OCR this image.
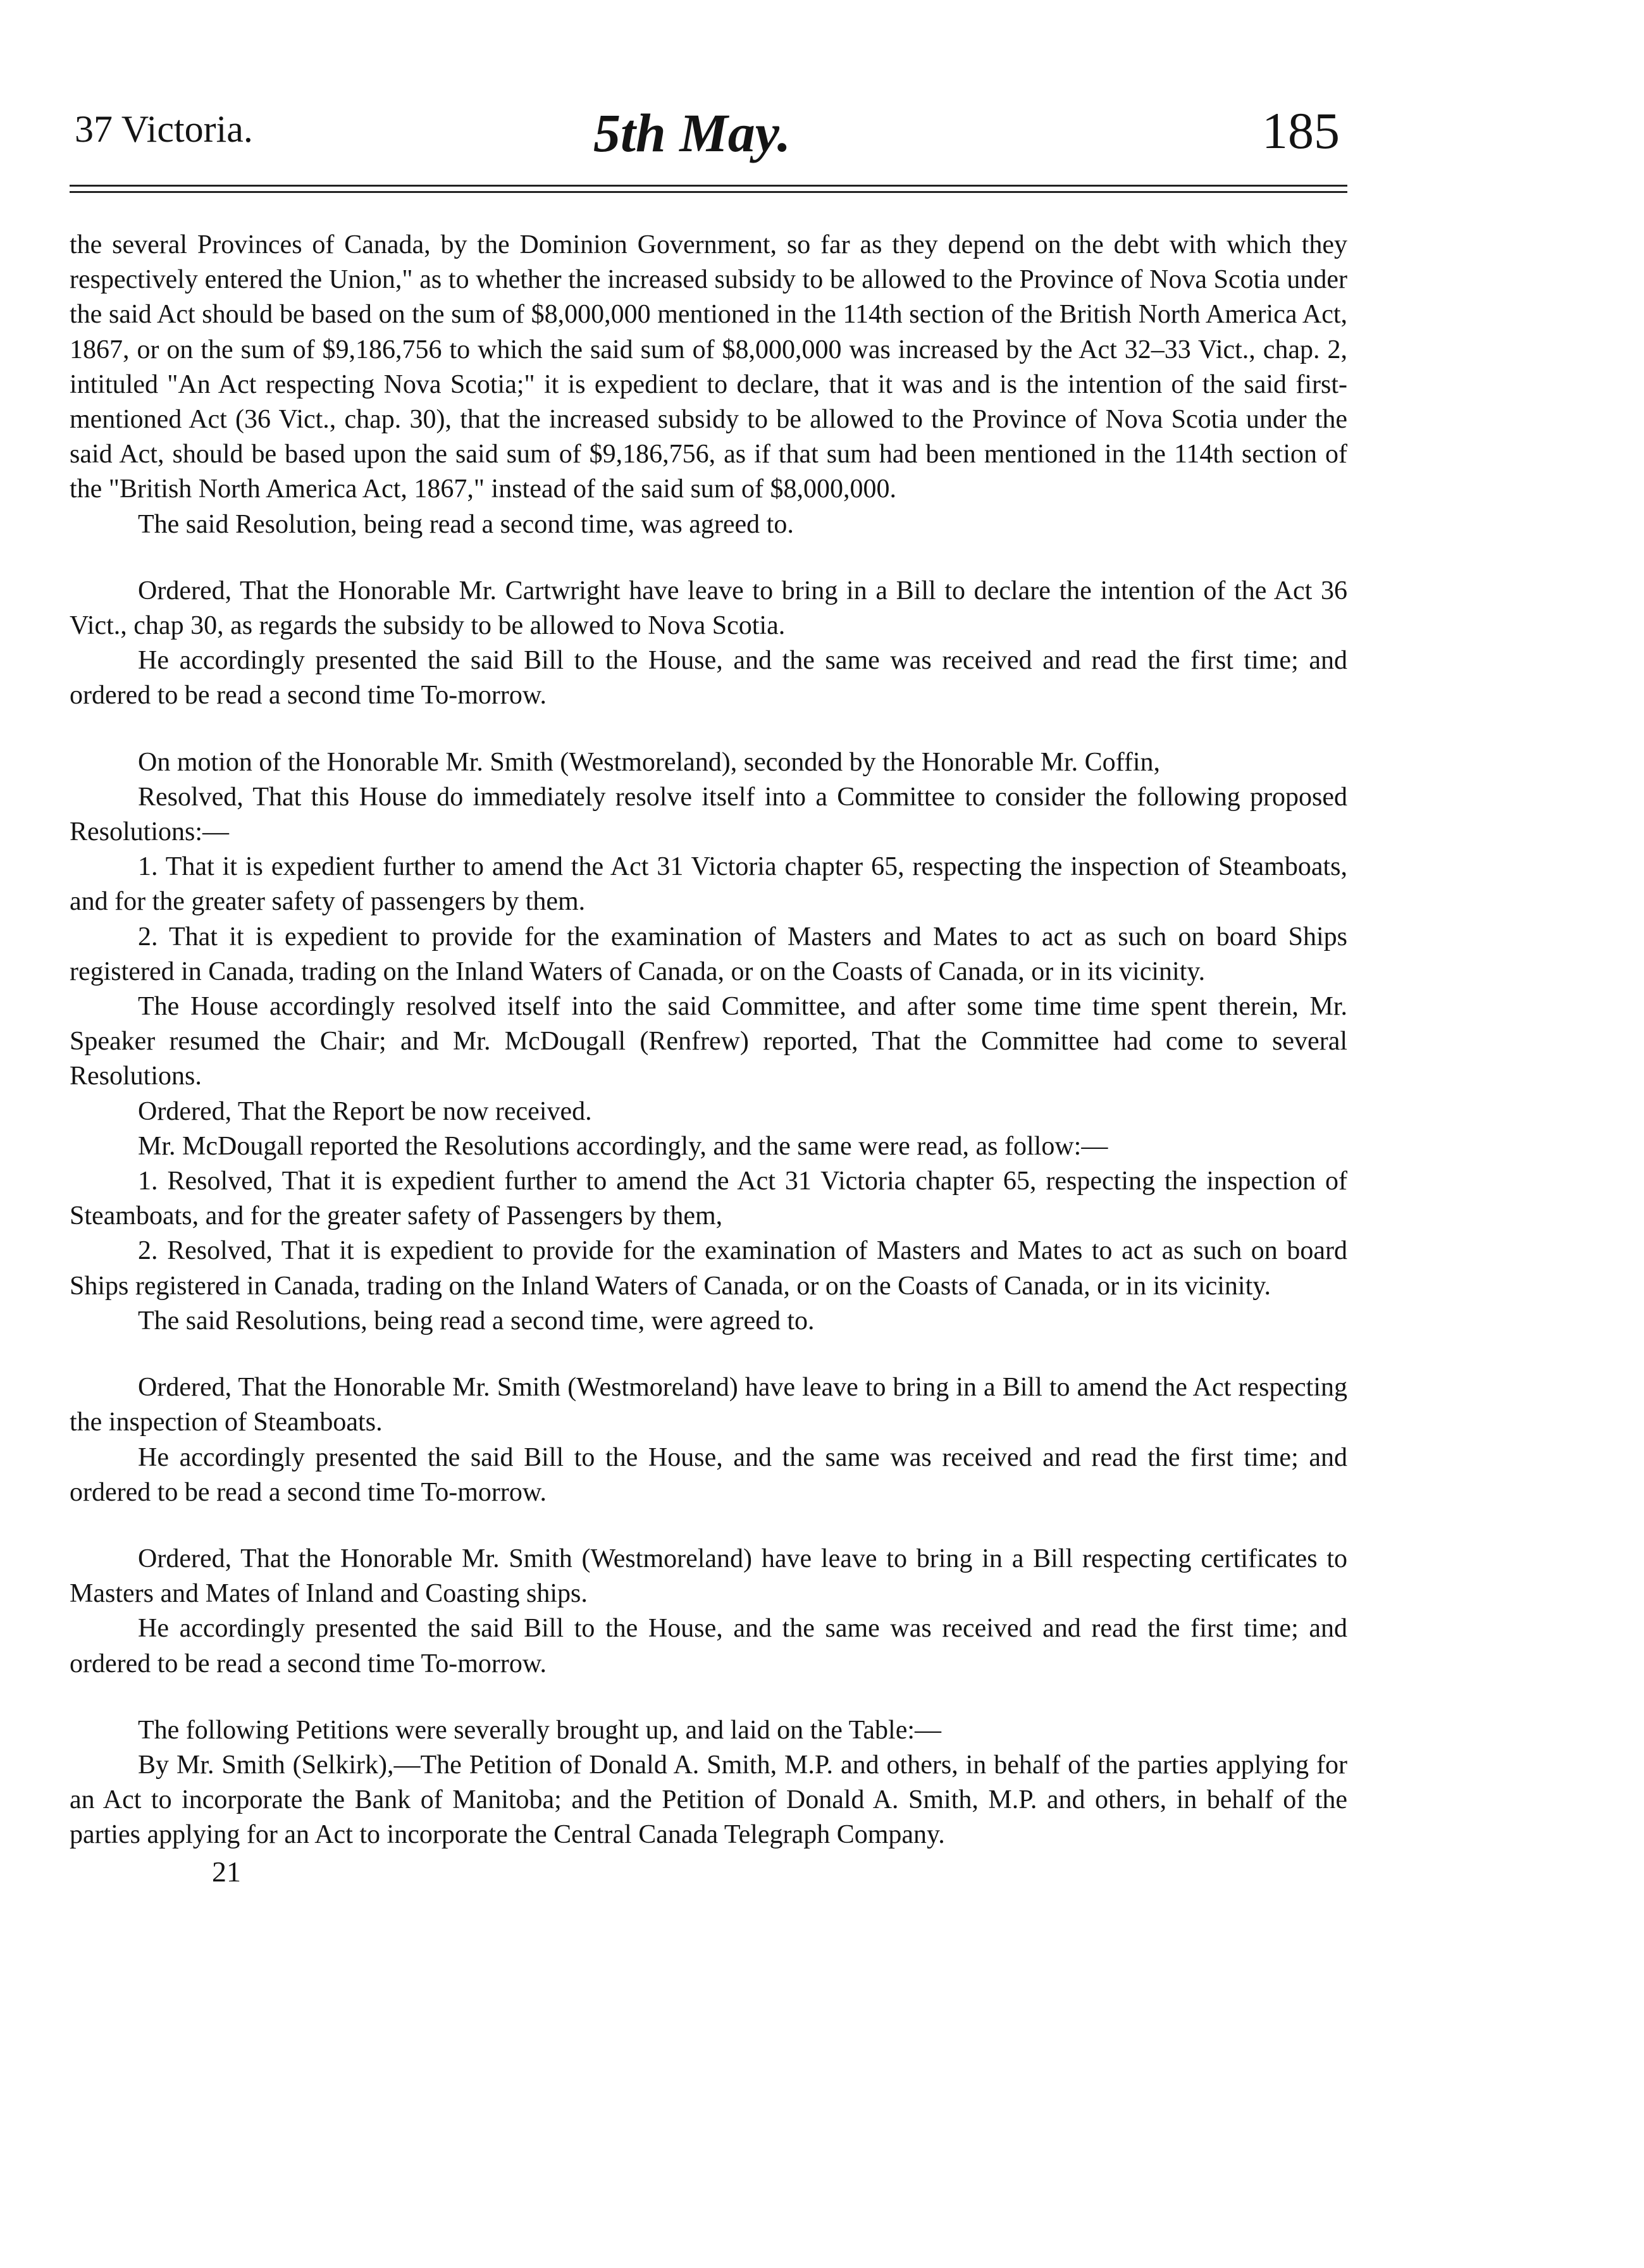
37 Victoria.	5th May.	185

the several Provinces of Canada, by the Dominion Government, so far as they depend on the debt with which they respectively entered the Union," as to whether the increased subsidy to be allowed to the Province of Nova Scotia under the said Act should be based on the sum of $8,000,000 mentioned in the 114th section of the British North America Act, 1867, or on the sum of $9,186,756 to which the said sum of $8,000,000 was increased by the Act 32–33 Vict., chap. 2, intituled "An Act respecting Nova Scotia;" it is expedient to declare, that it was and is the intention of the said first-mentioned Act (36 Vict., chap. 30), that the increased subsidy to be allowed to the Province of Nova Scotia under the said Act, should be based upon the said sum of $9,186,756, as if that sum had been mentioned in the 114th section of the "British North America Act, 1867," instead of the said sum of $8,000,000.

The said Resolution, being read a second time, was agreed to.

Ordered, That the Honorable Mr. Cartwright have leave to bring in a Bill to declare the intention of the Act 36 Vict., chap 30, as regards the subsidy to be allowed to Nova Scotia.

He accordingly presented the said Bill to the House, and the same was received and read the first time; and ordered to be read a second time To-morrow.

On motion of the Honorable Mr. Smith (Westmoreland), seconded by the Honorable Mr. Coffin,

Resolved, That this House do immediately resolve itself into a Committee to consider the following proposed Resolutions:—

1. That it is expedient further to amend the Act 31 Victoria chapter 65, respecting the inspection of Steamboats, and for the greater safety of passengers by them.

2. That it is expedient to provide for the examination of Masters and Mates to act as such on board Ships registered in Canada, trading on the Inland Waters of Canada, or on the Coasts of Canada, or in its vicinity.

The House accordingly resolved itself into the said Committee, and after some time time spent therein, Mr. Speaker resumed the Chair; and Mr. McDougall (Renfrew) reported, That the Committee had come to several Resolutions.

Ordered, That the Report be now received.

Mr. McDougall reported the Resolutions accordingly, and the same were read, as follow:—

1. Resolved, That it is expedient further to amend the Act 31 Victoria chapter 65, respecting the inspection of Steamboats, and for the greater safety of Passengers by them,

2. Resolved, That it is expedient to provide for the examination of Masters and Mates to act as such on board Ships registered in Canada, trading on the Inland Waters of Canada, or on the Coasts of Canada, or in its vicinity.

The said Resolutions, being read a second time, were agreed to.

Ordered, That the Honorable Mr. Smith (Westmoreland) have leave to bring in a Bill to amend the Act respecting the inspection of Steamboats.

He accordingly presented the said Bill to the House, and the same was received and read the first time; and ordered to be read a second time To-morrow.

Ordered, That the Honorable Mr. Smith (Westmoreland) have leave to bring in a Bill respecting certificates to Masters and Mates of Inland and Coasting ships.

He accordingly presented the said Bill to the House, and the same was received and read the first time; and ordered to be read a second time To-morrow.

The following Petitions were severally brought up, and laid on the Table:—

By Mr. Smith (Selkirk),—The Petition of Donald A. Smith, M.P. and others, in behalf of the parties applying for an Act to incorporate the Bank of Manitoba; and the Petition of Donald A. Smith, M.P. and others, in behalf of the parties applying for an Act to incorporate the Central Canada Telegraph Company.

21
